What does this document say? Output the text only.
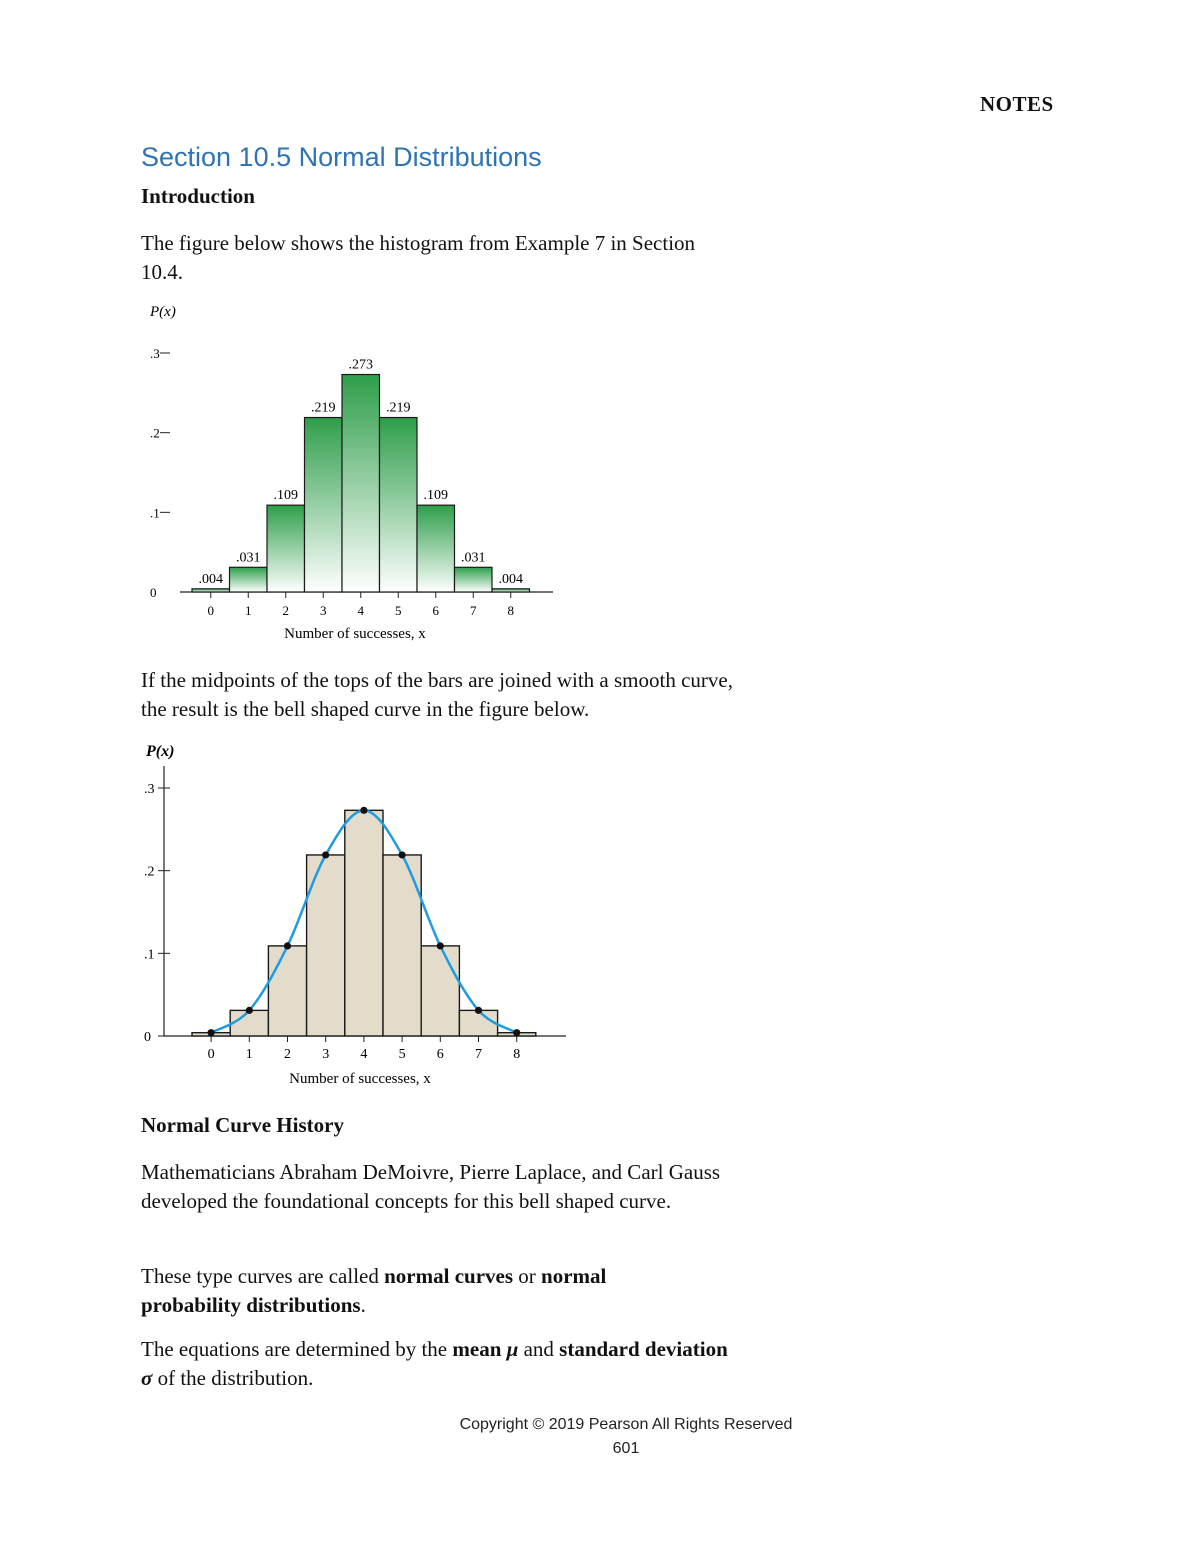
NOTES
Section 10.5 Normal Distributions
Introduction
The figure below shows the histogram from Example 7 in Section 10.4.
P(x)
0
.1
.2
.3
.004
.031
.109
.219
.273
.219
.109
.031
.004
0 1 2 3 4 5 6 7 8
Number of successes, x
If the midpoints of the tops of the bars are joined with a smooth curve, the result is the bell shaped curve in the figure below.
P(x)
0
.1
.2
.3
0 1 2 3 4 5 6 7 8
Number of successes, x
Normal Curve History
Mathematicians Abraham DeMoivre, Pierre Laplace, and Carl Gauss developed the foundational concepts for this bell shaped curve.
These type curves are called normal curves or normal probability distributions.
The equations are determined by the mean μ and standard deviation σ of the distribution.
Copyright © 2019 Pearson All Rights Reserved
601
